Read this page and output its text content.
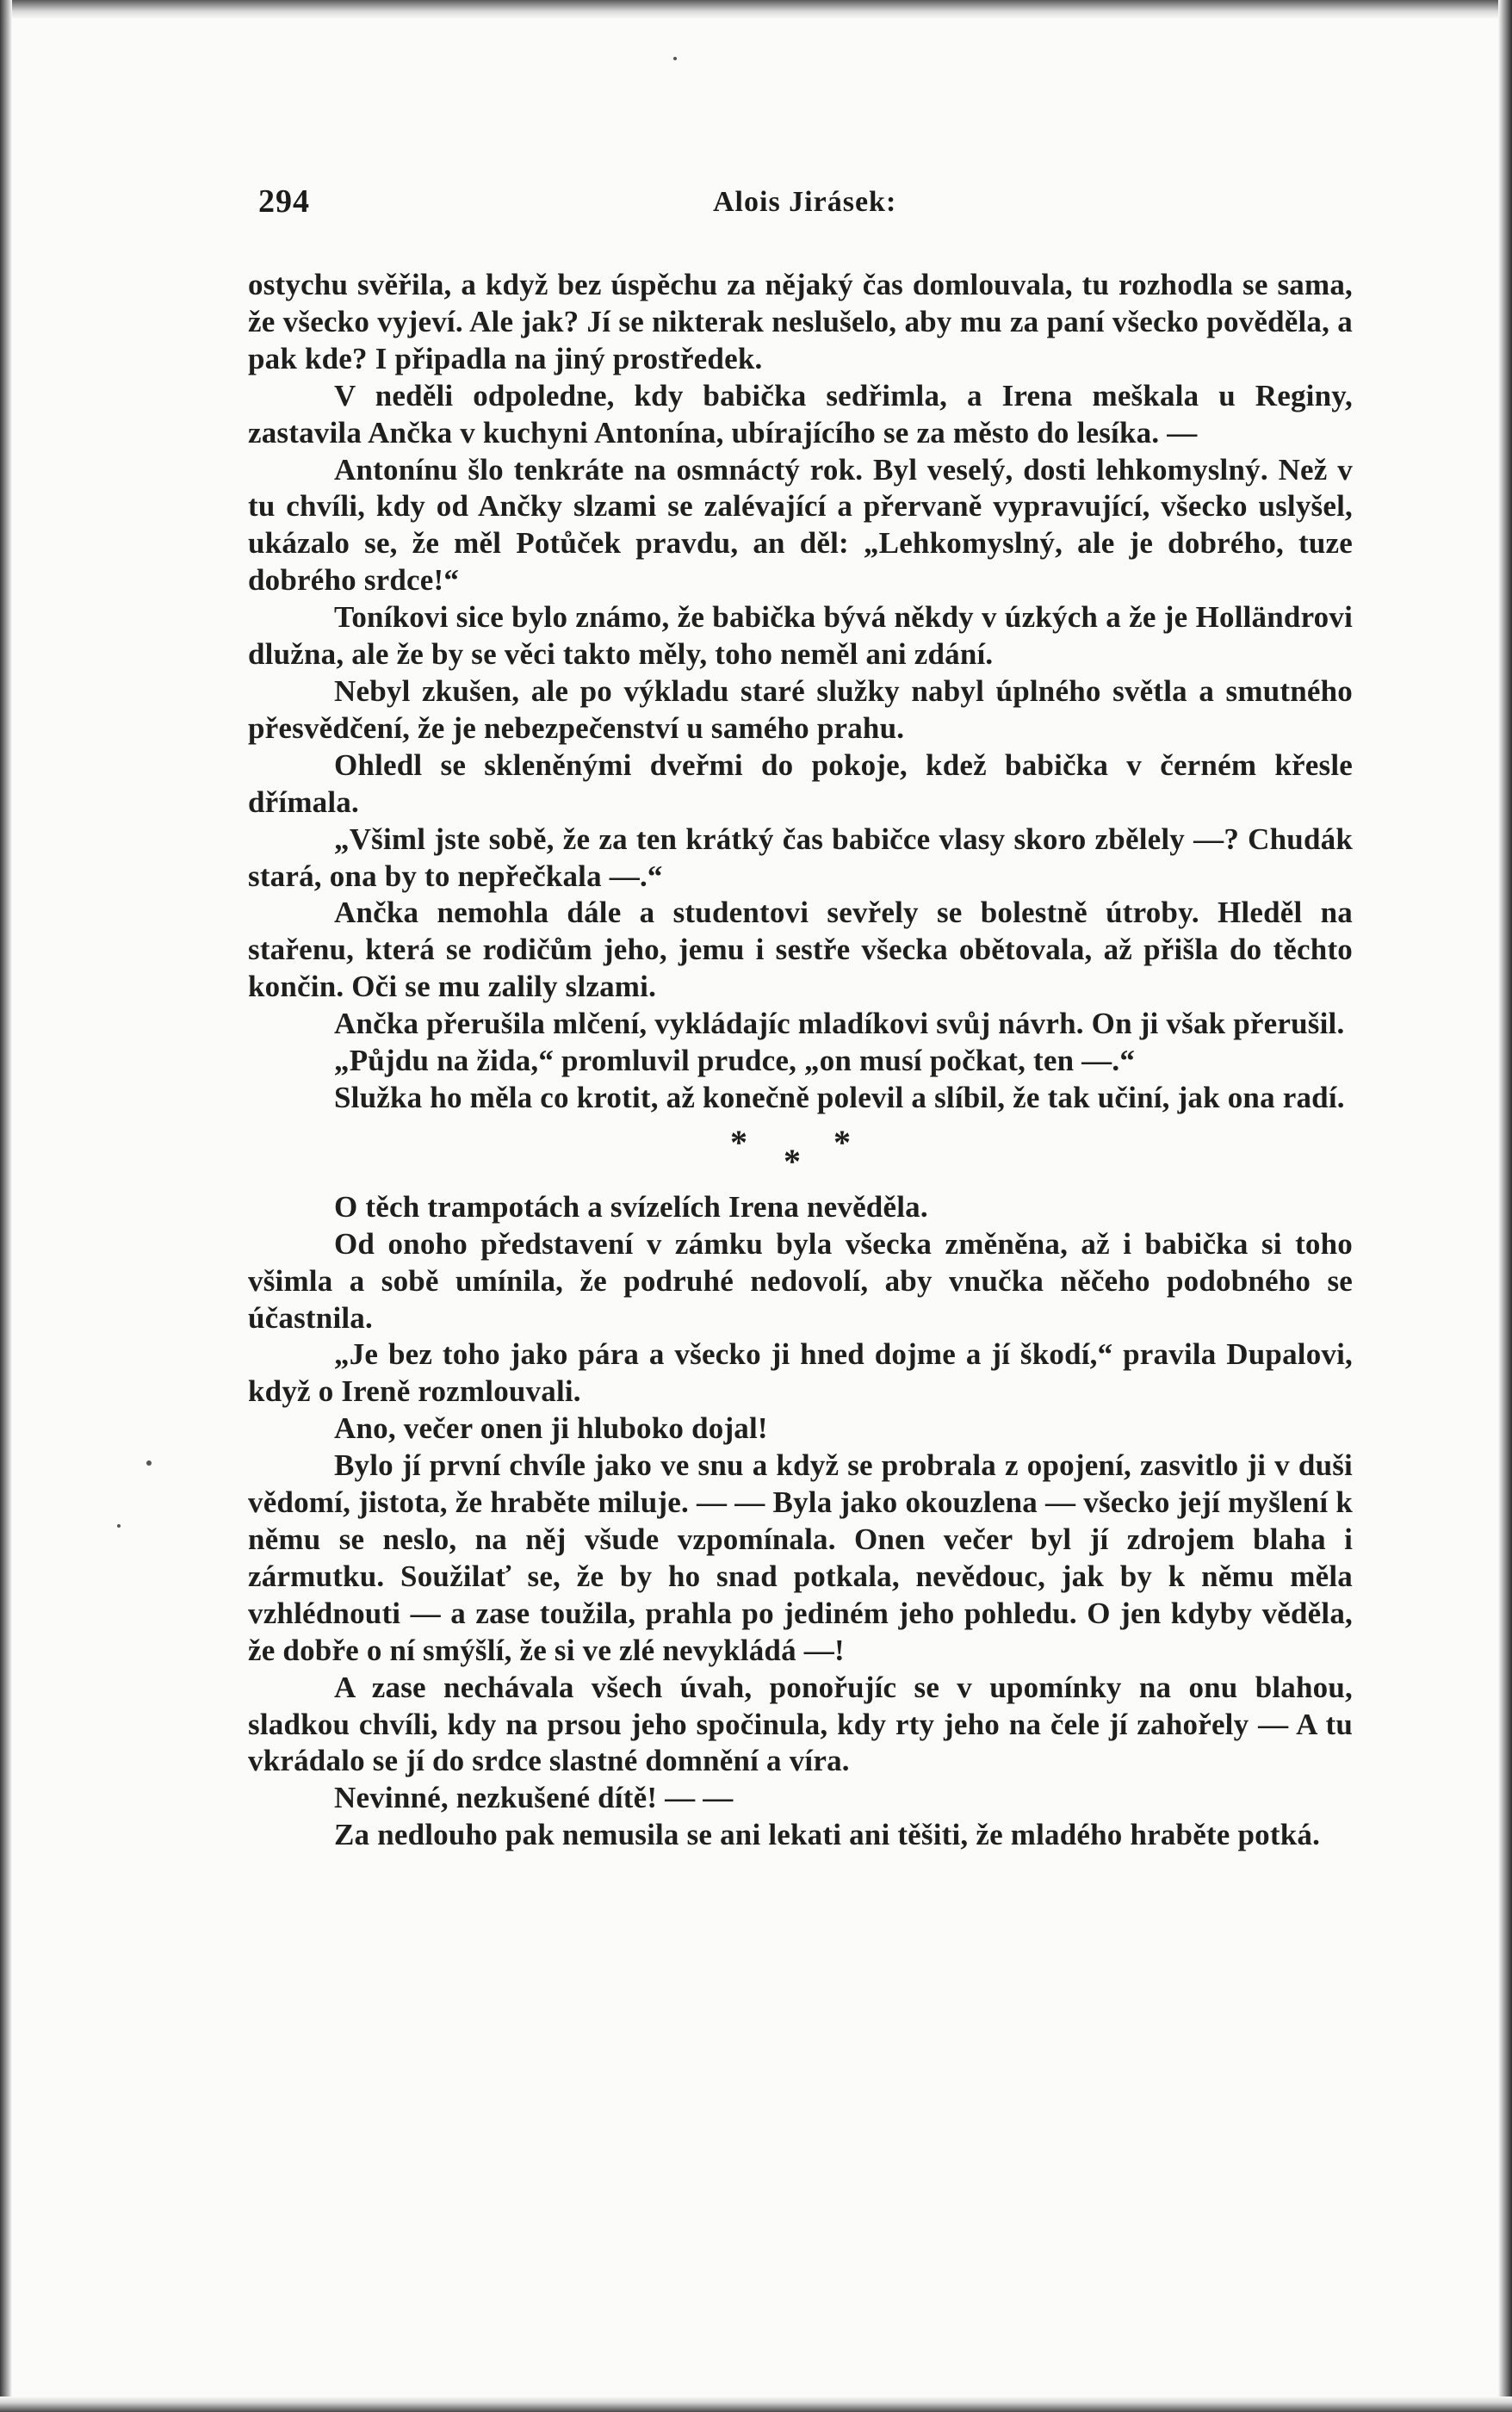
294	Alois Jirásek:

ostychu svěřila, a když bez úspěchu za nějaký čas domlouvala, tu rozhodla se sama, že všecko vyjeví. Ale jak? Jí se nikterak neslušelo, aby mu za paní všecko pověděla, a pak kde? I připadla na jiný prostředek.

V neděli odpoledne, kdy babička sedřimla, a Irena meškala u Reginy, zastavila Ančka v kuchyni Antonína, ubírajícího se za město do lesíka. —

Antonínu šlo tenkráte na osmnáctý rok. Byl veselý, dosti lehkomyslný. Než v tu chvíli, kdy od Ančky slzami se zalévající a přervaně vypravující, všecko uslyšel, ukázalo se, že měl Potůček pravdu, an děl: „Lehkomyslný, ale je dobrého, tuze dobrého srdce!“

Toníkovi sice bylo známo, že babička bývá někdy v úzkých a že je Holländrovi dlužna, ale že by se věci takto měly, toho neměl ani zdání.

Nebyl zkušen, ale po výkladu staré služky nabyl úplného světla a smutného přesvědčení, že je nebezpečenství u samého prahu.

Ohledl se skleněnými dveřmi do pokoje, kdež babička v černém křesle dřímala.

„Všiml jste sobě, že za ten krátký čas babičce vlasy skoro zbělely —? Chudák stará, ona by to nepřečkala —.“

Ančka nemohla dále a studentovi sevřely se bolestně útroby. Hleděl na stařenu, která se rodičům jeho, jemu i sestře všecka obětovala, až přišla do těchto končin. Oči se mu zalily slzami.

Ančka přerušila mlčení, vykládajíc mladíkovi svůj návrh. On ji však přerušil.

„Půjdu na žida,“ promluvil prudce, „on musí počkat, ten —.“

Služka ho měla co krotit, až konečně polevil a slíbil, že tak učiní, jak ona radí.

* * *

O těch trampotách a svízelích Irena nevěděla.

Od onoho představení v zámku byla všecka změněna, až i babička si toho všimla a sobě umínila, že podruhé nedovolí, aby vnučka něčeho podobného se účastnila.

„Je bez toho jako pára a všecko ji hned dojme a jí škodí,“ pravila Dupalovi, když o Ireně rozmlouvali.

Ano, večer onen ji hluboko dojal!

Bylo jí první chvíle jako ve snu a když se probrala z opojení, zasvitlo ji v duši vědomí, jistota, že hraběte miluje. — — Byla jako okouzlena — všecko její myšlení k němu se neslo, na něj všude vzpomínala. Onen večer byl jí zdrojem blaha i zármutku. Soužilať se, že by ho snad potkala, nevědouc, jak by k němu měla vzhlédnouti — a zase toužila, prahla po jediném jeho pohledu. O jen kdyby věděla, že dobře o ní smýšlí, že si ve zlé nevykládá —!

A zase nechávala všech úvah, ponořujíc se v upomínky na onu blahou, sladkou chvíli, kdy na prsou jeho spočinula, kdy rty jeho na čele jí zahořely — A tu vkrádalo se jí do srdce slastné domnění a víra.

Nevinné, nezkušené dítě! — —

Za nedlouho pak nemusila se ani lekati ani těšiti, že mladého hraběte potká.
